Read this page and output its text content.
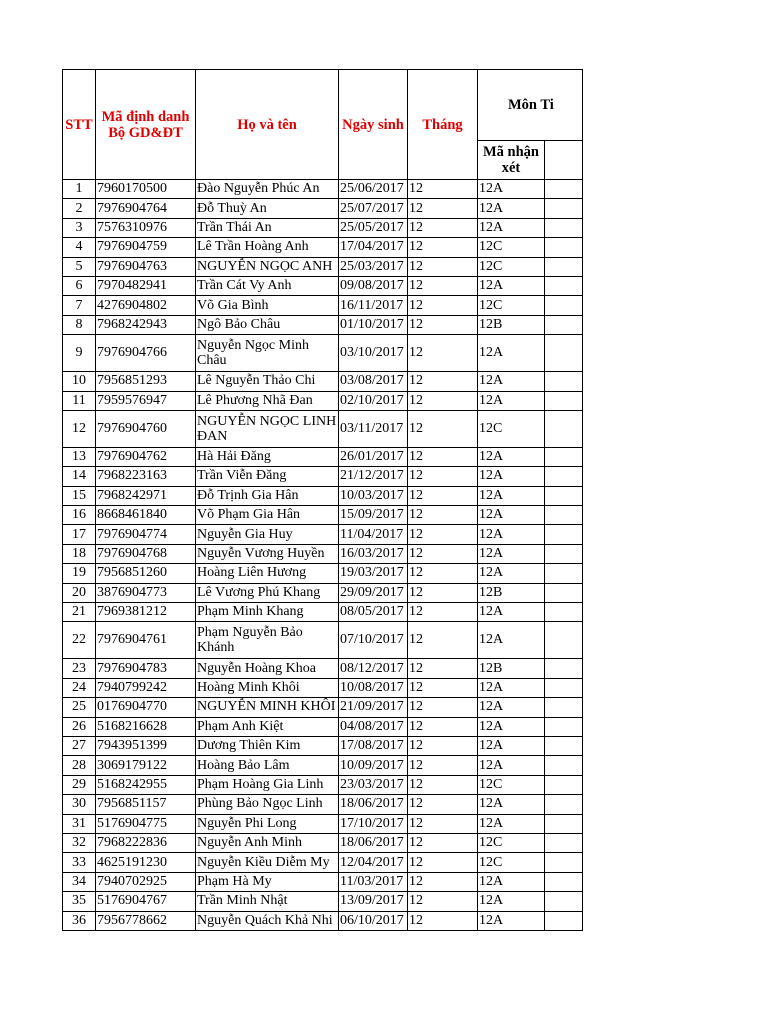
STT	Mã định danh Bộ GD&ĐT	Họ và tên	Ngày sinh	Tháng	Môn Ti	
					Mã nhận xét	
1	7960170500	Đào Nguyễn Phúc An	25/06/2017	12	12A	
2	7976904764	Đỗ Thuỳ An	25/07/2017	12	12A	
3	7576310976	Trần Thái An	25/05/2017	12	12A	
4	7976904759	Lê Trần Hoàng Anh	17/04/2017	12	12C	
5	7976904763	NGUYỄN NGỌC ANH	25/03/2017	12	12C	
6	7970482941	Trần Cát Vy Anh	09/08/2017	12	12A	
7	4276904802	Võ Gia Bình	16/11/2017	12	12C	
8	7968242943	Ngô Bảo Châu	01/10/2017	12	12B	
9	7976904766	Nguyễn Ngọc Minh Châu	03/10/2017	12	12A	
10	7956851293	Lê Nguyễn Thảo Chi	03/08/2017	12	12A	
11	7959576947	Lê Phương Nhã Đan	02/10/2017	12	12A	
12	7976904760	NGUYỄN NGỌC LINH ĐAN	03/11/2017	12	12C	
13	7976904762	Hà Hải Đăng	26/01/2017	12	12A	
14	7968223163	Trần Viễn Đăng	21/12/2017	12	12A	
15	7968242971	Đỗ Trịnh Gia Hân	10/03/2017	12	12A	
16	8668461840	Võ Phạm Gia Hân	15/09/2017	12	12A	
17	7976904774	Nguyễn Gia Huy	11/04/2017	12	12A	
18	7976904768	Nguyễn Vương Huyền	16/03/2017	12	12A	
19	7956851260	Hoàng Liên Hương	19/03/2017	12	12A	
20	3876904773	Lê Vương Phú Khang	29/09/2017	12	12B	
21	7969381212	Phạm Minh Khang	08/05/2017	12	12A	
22	7976904761	Phạm Nguyễn Bảo Khánh	07/10/2017	12	12A	
23	7976904783	Nguyễn Hoàng Khoa	08/12/2017	12	12B	
24	7940799242	Hoàng Minh Khôi	10/08/2017	12	12A	
25	0176904770	NGUYỄN MINH KHÔI	21/09/2017	12	12A	
26	5168216628	Phạm Anh Kiệt	04/08/2017	12	12A	
27	7943951399	Dương Thiên Kim	17/08/2017	12	12A	
28	3069179122	Hoàng Bảo Lâm	10/09/2017	12	12A	
29	5168242955	Phạm Hoàng Gia Linh	23/03/2017	12	12C	
30	7956851157	Phùng Bảo Ngọc Linh	18/06/2017	12	12A	
31	5176904775	Nguyễn Phi Long	17/10/2017	12	12A	
32	7968222836	Nguyễn Anh Minh	18/06/2017	12	12C	
33	4625191230	Nguyễn Kiều Diễm My	12/04/2017	12	12C	
34	7940702925	Phạm Hà My	11/03/2017	12	12A	
35	5176904767	Trần Minh Nhật	13/09/2017	12	12A	
36	7956778662	Nguyễn Quách Khả Nhi	06/10/2017	12	12A	
